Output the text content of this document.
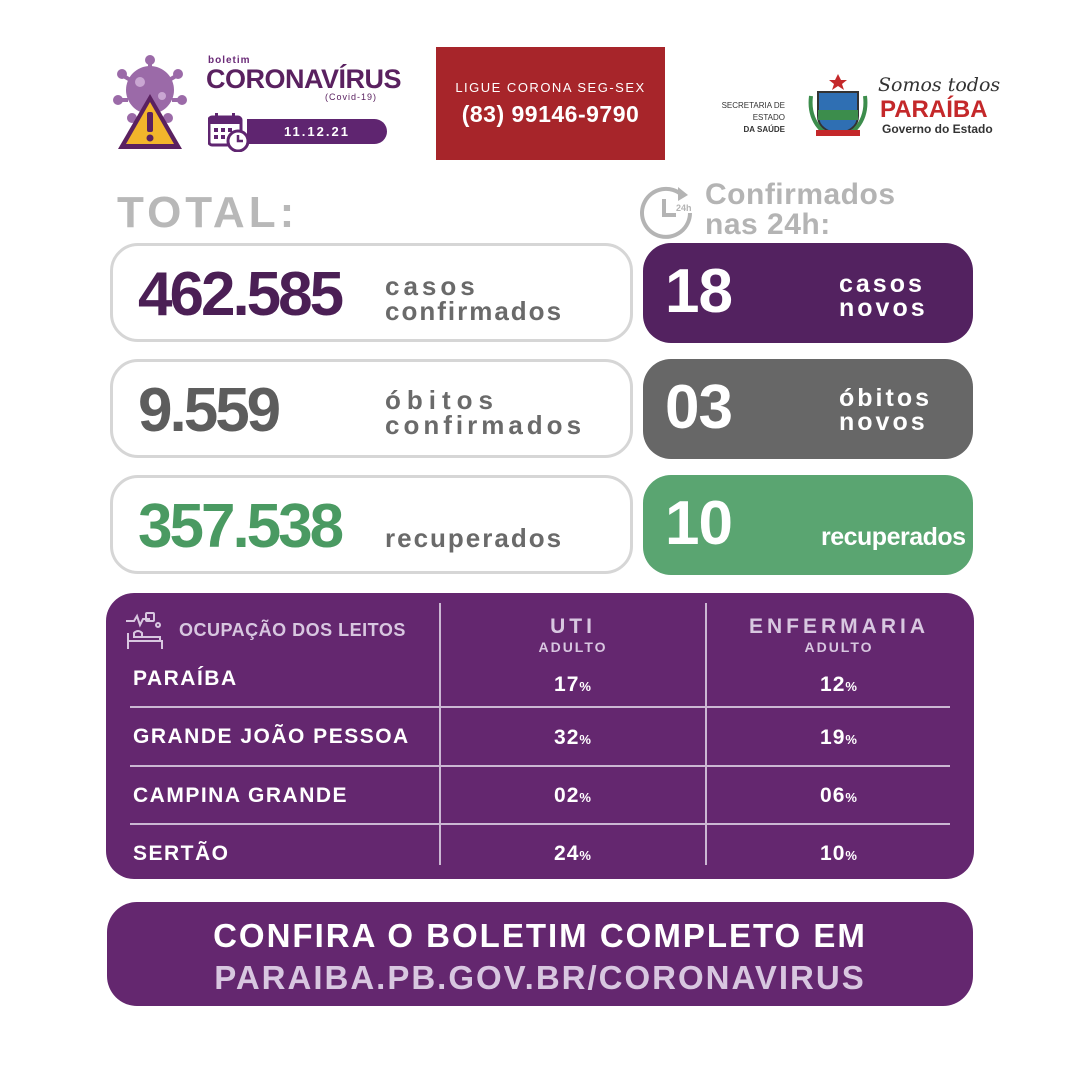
boletim
CORONAVÍRUS
(Covid-19)
11.12.21
LIGUE CORONA SEG-SEX
(83) 99146-9790	SECRETARIA DE ESTADO
DA SAÚDE
Somos todos
PARAÍBA
Governo do Estado
TOTAL:	24h Confirmados
nas 24h:
462.585 casos
confirmados
9.559	óbitos
confirmados
357.538 recuperados
18	casos
novos
03	óbitos
novos
10	recuperados
OCUPAÇÃO DOS LEITOS	UTI
ADULTO
ENFERMARIA
ADULTO
PARAÍBA	17%	12%
GRANDE JOÃO PESSOA	32%	19%
CAMPINA GRANDE	02%	06%
SERTÃO	24%	10%
CONFIRA O BOLETIM COMPLETO EM
PARAIBA.PB.GOV.BR/CORONAVIRUS
